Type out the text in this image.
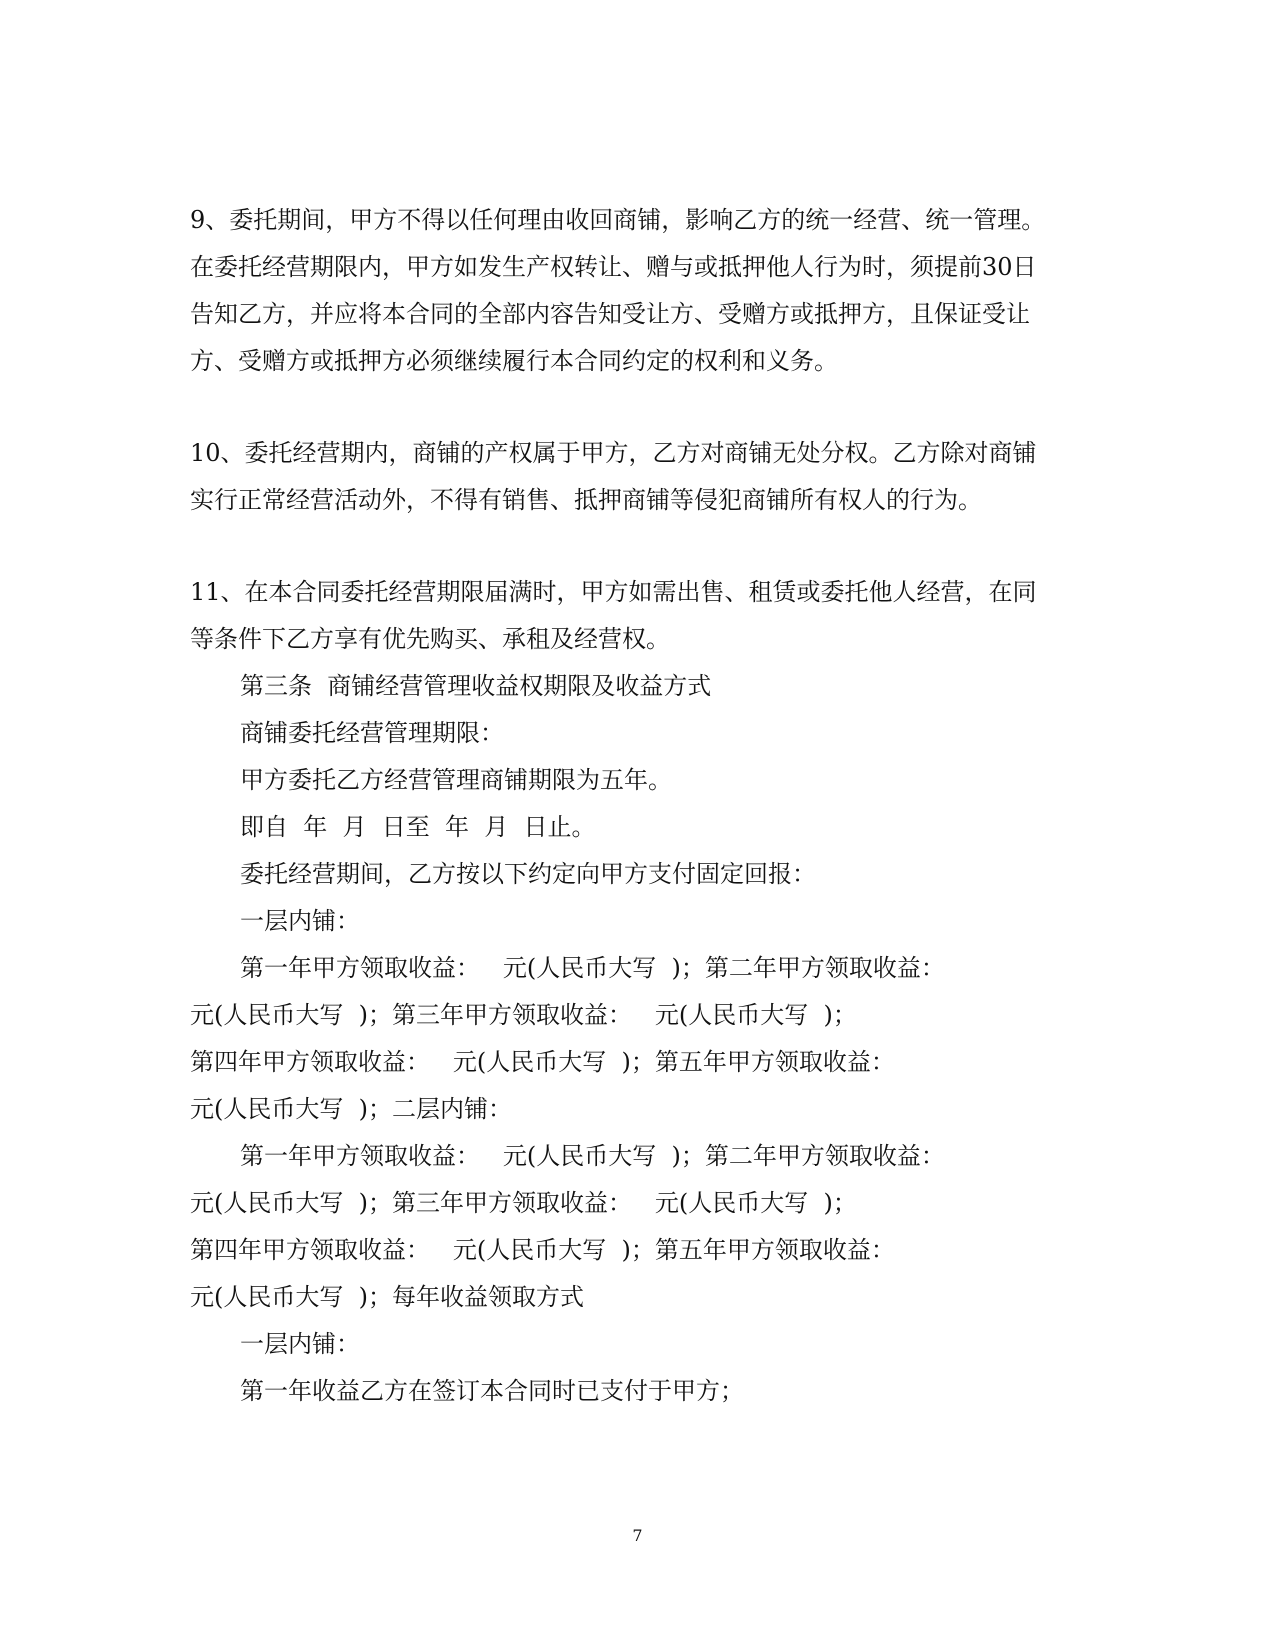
9、委托期间，甲方不得以任何理由收回商铺，影响乙方的统一经营、统一管理。
在委托经营期限内，甲方如发生产权转让、赠与或抵押他人行为时，须提前30日
告知乙方，并应将本合同的全部内容告知受让方、受赠方或抵押方，且保证受让
方、受赠方或抵押方必须继续履行本合同约定的权利和义务。
10、委托经营期内，商铺的产权属于甲方，乙方对商铺无处分权。乙方除对商铺
实行正常经营活动外，不得有销售、抵押商铺等侵犯商铺所有权人的行为。
11、在本合同委托经营期限届满时，甲方如需出售、租赁或委托他人经营，在同
等条件下乙方享有优先购买、承租及经营权。
第三条  商铺经营管理收益权期限及收益方式
商铺委托经营管理期限：
甲方委托乙方经营管理商铺期限为五年。
即自  年  月  日至  年  月  日止。
委托经营期间，乙方按以下约定向甲方支付固定回报：
一层内铺：
第一年甲方领取收益：   元(人民币大写  )；第二年甲方领取收益：
元(人民币大写  )；第三年甲方领取收益：   元(人民币大写  )；
第四年甲方领取收益：   元(人民币大写  )；第五年甲方领取收益：
元(人民币大写  )；二层内铺：
第一年甲方领取收益：   元(人民币大写  )；第二年甲方领取收益：
元(人民币大写  )；第三年甲方领取收益：   元(人民币大写  )；
第四年甲方领取收益：   元(人民币大写  )；第五年甲方领取收益：
元(人民币大写  )；每年收益领取方式
一层内铺：
第一年收益乙方在签订本合同时已支付于甲方；
7
